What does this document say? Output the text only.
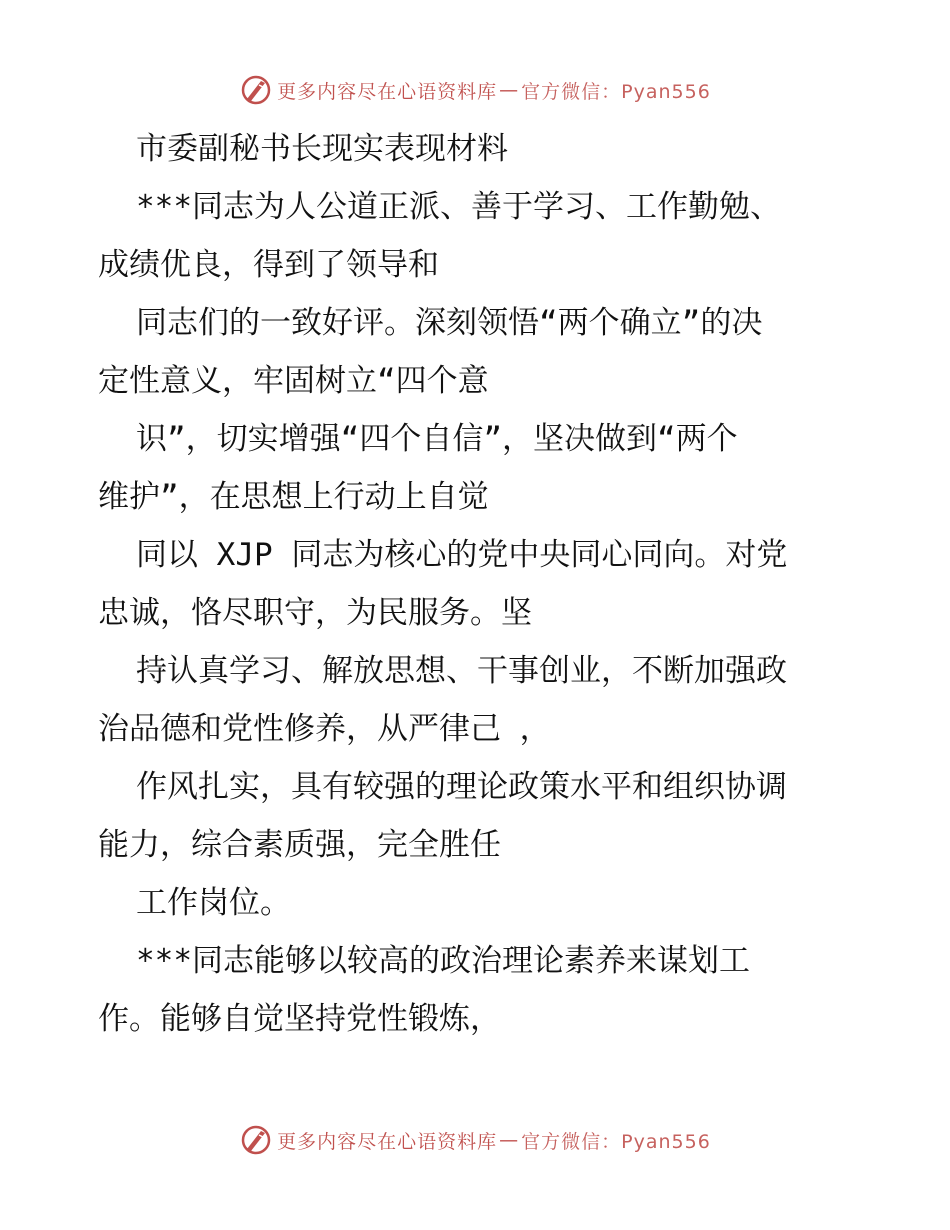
更多内容尽在心语资料库 — 官方微信：Pyan556
市委副秘书长现实表现材料
***同志为人公道正派、善于学习、工作勤勉、
成绩优良，得到了领导和
同志们的一致好评。深刻领悟“两个确立”的决
定性意义，牢固树立“四个意
识”，切实增强“四个自信”，坚决做到“两个
维护”，在思想上行动上自觉
同以 XJP 同志为核心的党中央同心同向。对党
忠诚，恪尽职守，为民服务。坚
持认真学习、解放思想、干事创业，不断加强政
治品德和党性修养，从严律己 ，
作风扎实，具有较强的理论政策水平和组织协调
能力，综合素质强，完全胜任
工作岗位。
***同志能够以较高的政治理论素养来谋划工
作。能够自觉坚持党性锻炼，
更多内容尽在心语资料库 — 官方微信：Pyan556
